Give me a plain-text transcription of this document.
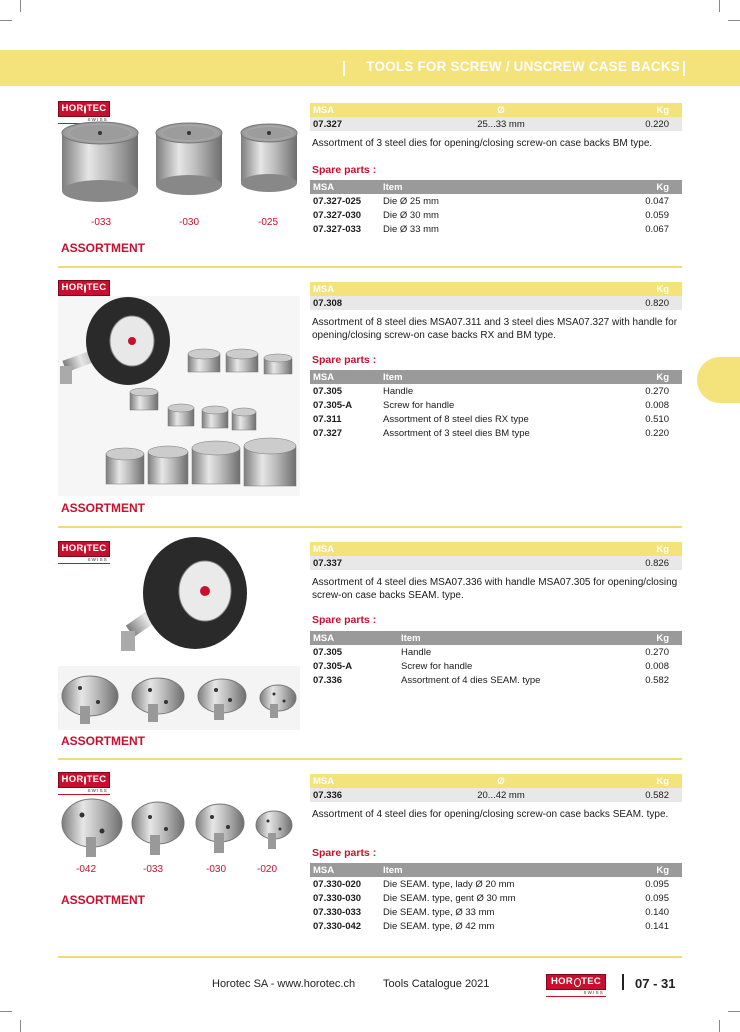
TOOLS FOR SCREW / UNSCREW CASE BACKS
HOR TEC
SWISS
-033	-030	-025
ASSORTMENT
MSA	Ø	Kg
07.327	25...33 mm	0.220
Assortment of 3 steel dies for opening/closing screw-on case backs BM type.
Spare parts :
MSA	Item	Kg
07.327-025	Die Ø 25 mm	0.047
07.327-030	Die Ø 30 mm	0.059
07.327-033	Die Ø 33 mm	0.067
HOR TEC
ASSORTMENT
MSA	Kg
07.308	0.820
Assortment of 8 steel dies MSA07.311 and 3 steel dies MSA07.327 with handle for opening/closing screw-on case backs RX and BM type.
Spare parts :
MSA	Item	Kg
07.305	Handle	0.270
07.305-A	Screw for handle	0.008
07.311	Assortment of 8 steel dies RX type	0.510
07.327	Assortment of 3 steel dies BM type	0.220
HOR TEC
SWISS
ASSORTMENT
MSA	Kg
07.337	0.826
Assortment of 4 steel dies MSA07.336 with handle MSA07.305 for opening/closing screw-on case backs SEAM. type.
Spare parts :
MSA	Item	Kg
07.305	Handle	0.270
07.305-A	Screw for handle	0.008
07.336	Assortment of 4 dies SEAM. type	0.582
HOR TEC
SWISS
-042	-033	-030	-020
ASSORTMENT
MSA	Ø	Kg
07.336	20...42 mm	0.582
Assortment of 4 steel dies for opening/closing screw-on case backs SEAM. type.
Spare parts :
MSA	Item	Kg
07.330-020	Die SEAM. type, lady Ø 20 mm	0.095
07.330-030	Die SEAM. type, gent Ø 30 mm	0.095
07.330-033	Die SEAM. type, Ø 33 mm	0.140
07.330-042	Die SEAM. type, Ø 42 mm	0.141
Horotec SA - www.horotec.ch	Tools Catalogue 2021	HOR TEC
SWISS
07 - 31
